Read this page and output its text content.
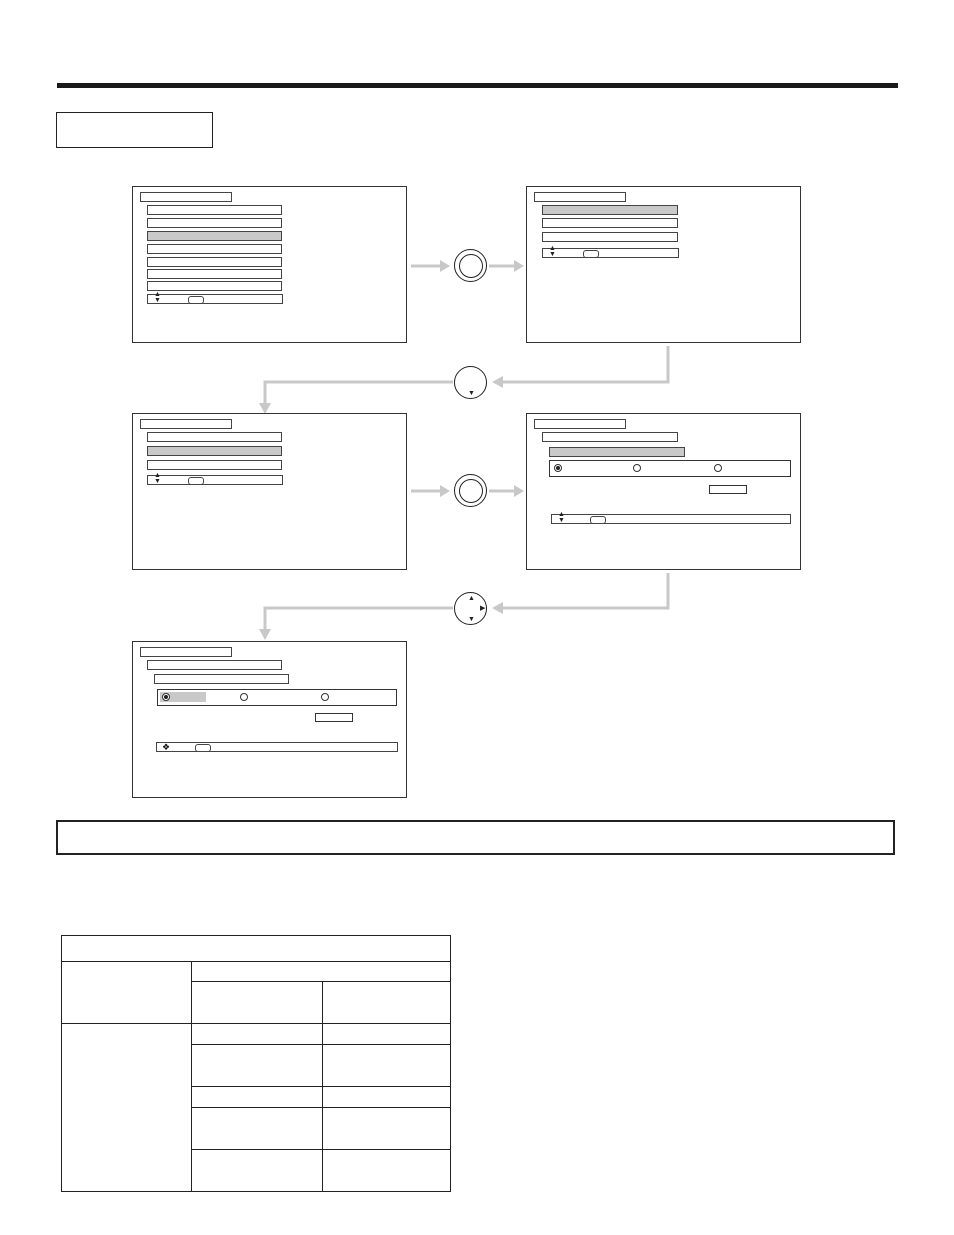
▼
▲
▼
▶
▲
▼
▲
▼
▲
▼
▲
▼
❖
